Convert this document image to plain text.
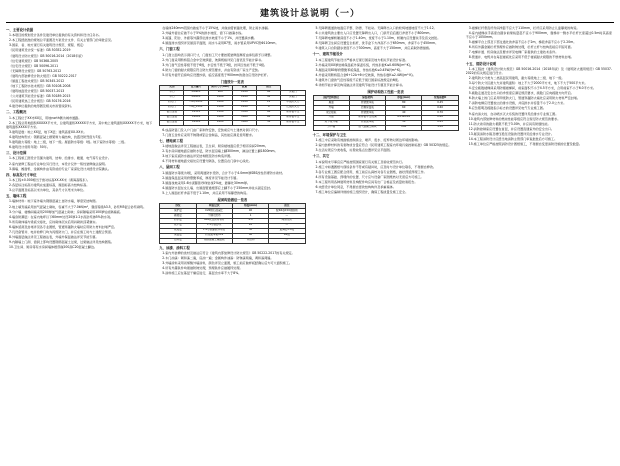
建筑设计总说明（一）
一、主要设计依据

1.本项目的规划设计条件及建设单位提供的有关资料和设计任务书。

2.本工程经批准的规划总平面图及方案设计文件、有关主管部门的审批意见。

3.国家、省、地方现行有关建筑设计规范、规程、规定：

《民用建筑设计统一标准》GB 50352-2019

《建筑设计防火规范》GB 50016-2014（2018年版）

《住宅建筑规范》GB 50368-2005

《住宅设计规范》GB 50096-2011

《无障碍设计规范》GB 50763-2012

《建筑内部装修设计防火规范》GB 50222-2017

《屋面工程技术规范》GB 50345-2012

《地下工程防水技术规范》GB 50108-2008

《建筑地面设计规范》GB 50037-2013

《公共建筑节能设计标准》GB 50189-2015

《民用建筑热工设计规范》GB 50176-2016

4.建设单位提供的地形图及相关市政管线资料。

二、工程概况

1.本工程位于XX市XX区，用地north侧为城市道路。

2.本工程总用地面积XXXXX平方米，总建筑面积XXXXX平方米，其中地上建筑面积XXXXX平方米，地下建筑面积XXXX平方米。

3.建筑层数：地上XX层，地下X层；建筑高度XX.XX米。

4.建筑结构形式：钢筋混凝土框架剪力墙结构，抗震设防烈度为7度。

5.建筑耐火等级：地上二级，地下一级。屋面防水等级：Ⅰ级。地下室防水等级：二级。

6.建筑设计使用年限：50年。

三、设计范围

1.本工程施工图设计范围为建筑、结构、给排水、暖通、电气等专业设计。

2.室内装修工程由专业单位另行设计，本设计仅作一般性装修做法说明。

3.幕墙、擦窗机、金属构件由有资质的专业厂家深化设计并经设计院确认。

四、标高及尺寸单位

1.本工程±0.000相当于绝对标高XX.XX米（黄海高程系）。

2.各层标注标高为建筑完成面标高，屋面标高为结构标高。

3.总平面图及标高以米为单位，其余尺寸以毫米为单位。

五、墙体工程

1.墙体材料：地下室外墙为钢筋混凝土自防水墙，厚度见结构图。

2.地上填充墙采用加气混凝土砌块，容重不大于7.0kN/m³，强度等级A3.5，砂浆M5混合砂浆砌筑。

3.分户墙、楼梯间墙采用200厚加气混凝土砌块；房间隔墙采用100厚轻质隔墙板。

4.墙身防潮层：在室内地坪以下60mm处设20厚1:2水泥砂浆掺5%防水剂。

5.所有砌体墙与梁板交接处，应待砌体沉实后用斜砌砖顶紧塞实。

6.墙体留洞及封堵详见各专业图纸，管道穿越防火墙时应用防火材料封堵严密。

7.凡设备管井、电井检修门均为丙级防火门，并应在施工时与土建配合预留。

8.外墙面层做法详见工程做法表，外墙外保温做法详见节能专篇。

9.内隔墙上门洞、窗洞上部均设置钢筋混凝土过梁，过梁做法详见结构图集。

10.卫生间、厨房等有水房间墙体根部做200高C20混凝土翻边。

在墙体240mm范围内做成不小于15%坡，并做油膏嵌缝处理，防止雨水渗漏。

2.外墙外窗台应做不小于5%的排水坡度，窗下口做滴水线。

3.雨篷、阳台、外廊等外露部位排水坡度不小于1%，并设置滴水槽。

4.屋面排水组织详见屋顶平面图，雨水斗采用87型，雨水管采用UPVC管Φ110mm。

六、门窗工程

1.门窗立面均表示洞口尺寸，门窗加工尺寸要按照装修面厚度由承包商予以调整。

2.外门窗采用断桥铝合金中空玻璃窗，玻璃规格详见门窗表及节能计算书。

3.外门窗气密性等级不低于6级，水密性不低于3级，抗风压性能不低于4级。

4.防火门窗的耐火极限应符合防火规范要求，并由有资质厂家生产安装。

5.所有外窗开启扇均应设置纱扇，临空高度低于900mm的窗台应设防护栏杆。

门窗统计一览表
类别	设计编号	洞口尺寸(mm)	数量	备注	
木门	M0921	900	2100	86	夹板门
木门	M1021	1000	2100	42	夹板门
防火门	FM甲1021	1000	2100	12	甲级防火门
防火门	FM乙1521	1500	2100	8	乙级防火门
铝合金窗	C1515	1500	1500	96	断桥铝中空
铝合金窗	C1818	1800	1800	64	断桥铝中空
铝合金窗	C2418	2400	1800	36	断桥铝中空

6.成品防盗门及入户门由厂家制作安装，安装前应与土建核对洞口尺寸。

7.门窗五金件应采用不锈钢或铝合金制品，其性能应满足使用要求。

七、楼地面工程

1.楼地面做法详见工程做法表，卫生间、厨房楼地面应低于相邻房间20mm。

2.有水房间楼地面应做防水层，防水层沿墙上翻300mm，淋浴位置上翻1800mm。

3.地下室底板防水做法详见结构图及防水构造详图。

4.不同材料楼地面交接处应设置分隔条，位置宜在门扇中心线处。

八、屋面工程

1.屋面防水等级为Ⅰ级，采用两道防水设防，合计不小于4.0mm厚SBS改性沥青防水卷材。

2.屋面保温层采用挤塑聚苯板，厚度详见节能设计专篇。

3.屋面找坡采用1:8水泥膨胀珍珠岩找2%坡，最薄处30mm厚。

4.屋面防水层在女儿墙、出屋面管道根部应上翻不小于250mm并收头固定密封。

5.上人屋面栏杆净高不低于1.10m，并应采用不易攀登的构造。

屋面构造做法一览表
部位	构造层次	厚度(mm)	备注
保护层	C20细石混凝土	40	配Φ4@150钢筋网
隔离层	干铺无纺布	1	—
防水层	SBS改性沥青卷材	4.0	两道设防
找平层	1:3水泥砂浆	20	—
找坡层	1:8水泥膨胀珍珠岩	30	最薄处2%坡
保温层	挤塑聚苯板XPS	80	B1级
结构层	钢筋混凝土屋面板	详结构	—
九、油漆、涂料工程

1.室内外装修的选材及做法应符合《建筑内部装修设计防火规范》GB 50222-2017的有关规定。

2.木门油漆：调和漆二遍，底油一遍；金属构件油漆：防锈漆两遍，调和漆两遍。

3.外墙涂料采用丙烯酸外墙涂料，颜色详见立面图，施工前应做样板经确认后方可大面积施工。

4.所有外露铁件均须做防锈处理，预埋铁件应做镀锌处理。

5.涂料施工应在基层干燥后进行，基层含水率不大于8%。

5.无障碍通道的地面应平整、防滑、不松动。无障碍出入口的轮椅坡道坡度不大于1:12。

6.公共建筑的主要出入口应设置无障碍出入口，门扇开启后通行净宽不小于800mm。

7.无障碍电梯轿厢深度不小于1.40m，宽度不小于1.10m，轿厢内应设置扶手及盲文按钮。

8.无障碍卫生间应设置安全抓杆，洗手盆下方净高不小于650mm，净深不小于450mm。

9.建筑入口台阶踏步宽度不小于300mm，高度不大于150mm，并应采取防滑措施。

十一、建筑节能设计

1.本工程建筑节能设计严格执行现行国家及地方相关节能设计标准。

2.外墙采用XX厚岩棉保温板外保温系统，传热系数K≤0.60W/(m²·K)。

3.屋面采用80厚挤塑聚苯板保温，传热系数K≤0.45W/(m²·K)。

4.外窗采用断桥铝合金6+12A+6中空玻璃，传热系数K≤2.4W/(m²·K)。

5.建筑外门窗的气密性等级不应低于现行国家标准规定的6级。

6.详细节能计算及构造做法详见建筑节能设计专篇及节能计算书。

围护结构热工性能一览表
围护结构部位	保温材料	厚度(mm)	传热系数K
屋面	挤塑聚苯板	80	0.45
外墙	岩棉保温板	60	0.60
架空楼板	挤塑聚苯板	40	0.70
外窗	断桥铝中空玻璃	6+12A+6	2.40
地下室外墙	挤塑聚苯板	50	0.65
分户墙	加气混凝土砌块	200	1.50
十二、环境保护与卫生

1.施工中应采取有效措施控制扬尘、噪声、废水、废弃物对周边环境的影响。

2.室内装修材料的有害物质含量应符合《民用建筑工程室内环境污染控制标准》GB 50325的规定。

3.生活垃圾应分类收集，垃圾收集点位置详见总平面图。

十三、其它

1.本说明未尽事宜应严格按照国家现行有关施工及验收规范执行。

2.施工中如遇图纸与现场条件不符或有疑问时，应及时与设计单位联系，不得擅自修改。

3.各专业施工图应配合使用，施工前应认真核对各专业图纸，做好预留预埋工作。

4.所有设备基础、预埋件的位置、尺寸应与设备厂家图纸核对无误后方可施工。

5.本工程所用各种建筑材料及构配件均应具有出厂合格证及质量检验报告。

6.未经设计单位同意，不得擅自更改结构构件及承重墙体。

7.施工单位应编制详细的施工组织设计，确保工程质量及施工安全。

3.楼梯栏杆垂直杆件间净距不应大于110mm，栏杆应采用防止儿童攀爬的构造。

4.室内楼梯扶手高度自踏步前缘线量起不宜小于900mm，靠梯井一侧水平栏杆长度超过0.5m时其高度不应小于1050mm。

5.楼梯平台上部及下部过道处的净高不应小于2m，梯段净高不应小于2.20m。

6.所有外露金属栏杆预埋件应做防锈处理，栏杆立杆与结构连接应牢固可靠。

7.电梯井道、机房做法及要求详见电梯厂家提供的土建技术条件。

8.管道井、电缆井在每层楼板处应采用不低于楼板耐火极限的不燃材料封堵。

十五、消防设计说明

1.本工程按《建筑设计防火规范》GB 50016-2014（2018年版）及《建筑防火通用规范》GB 55037-2022的有关规定进行设计。

2.建筑防火分类为二类高层民用建筑，耐火等级地上二级、地下一级。

3.每个防火分区最大允许建筑面积：地上不大于2000平方米，地下不大于500平方米。

4.安全疏散楼梯间采用防烟楼梯间，前室面积不小于4.5平方米，合用前室不小于6.0平方米。

5.疏散走道及安全出口的净宽度应满足规范要求，疏散门应向疏散方向开启。

6.防火墙上的门应采用甲级防火门，管道穿越防火墙处应采用防火材料严密封堵。

7.消防电梯应设置独立的排水设施，井底排水井容量不小于2.0立方米。

8.应急照明及疏散指示标志的设置详见电气专业施工图。

9.室内消火栓、自动喷水灭火系统的设置详见给排水专业施工图。

10.建筑内部装修材料的燃烧性能等级应符合现行防火规范的要求。

11.防火卷帘的耐火极限不低于3.00h，并应具有防烟性能。

12.消防控制室应设置在首层，并应设置直通室外的安全出口。

13.屋顶消防水箱及增压稳压设备的设置详见给排水专业设计。

14.本工程消防设计应经当地消防主管部门审查批准后方可施工。

15.施工单位应严格按照消防设计图纸施工，不得擅自变更消防设施的位置及数量。
